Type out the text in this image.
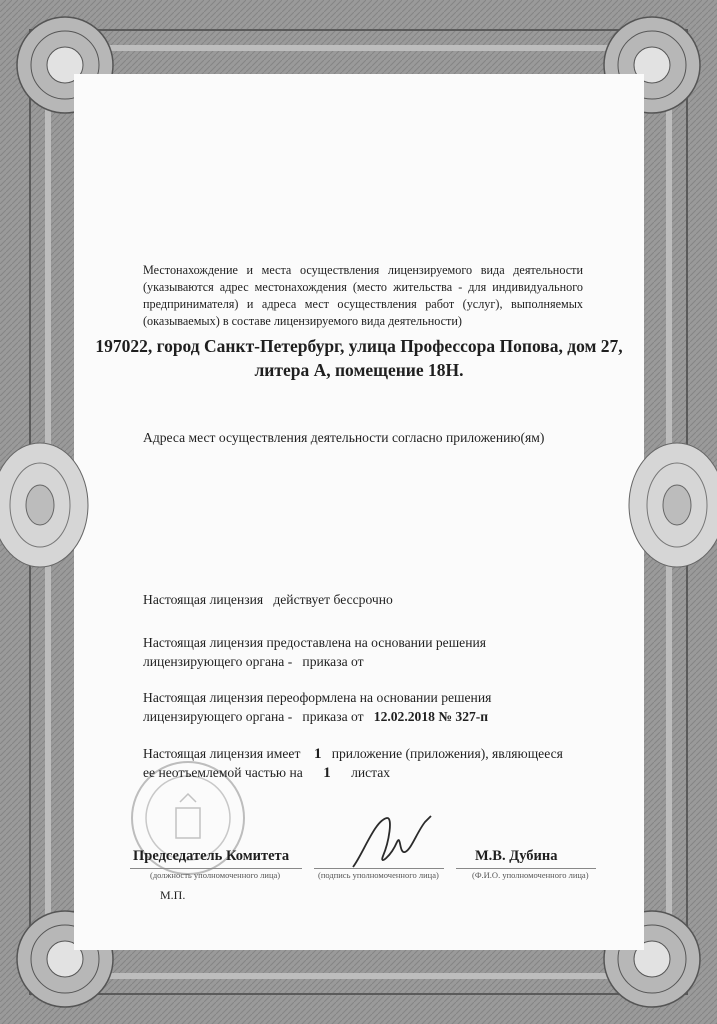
Местонахождение и места осуществления лицензируемого вида деятельности (указываются адрес местонахождения (место жительства - для индивидуального предпринимателя) и адреса мест осуществления работ (услуг), выполняемых (оказываемых) в составе лицензируемого вида деятельности)
197022, город Санкт-Петербург, улица Профессора Попова, дом 27,
литера А, помещение 18Н.
Адреса мест осуществления деятельности согласно приложению(ям)
Настоящая лицензия действует бессрочно
Настоящая лицензия предоставлена на основании решения
лицензирующего органа -   приказа от
Настоящая лицензия переоформлена на основании решения
лицензирующего органа -   приказа от 12.02.2018 № 327-п
Настоящая лицензия имеет 1 приложение (приложения), являющееся
ее неотъемлемой частью на 1 листах
Председатель Комитета	М.В. Дубина
(должность уполномоченного лица)	(подпись уполномоченного лица)	(Ф.И.О. уполномоченного лица)
М.П.
